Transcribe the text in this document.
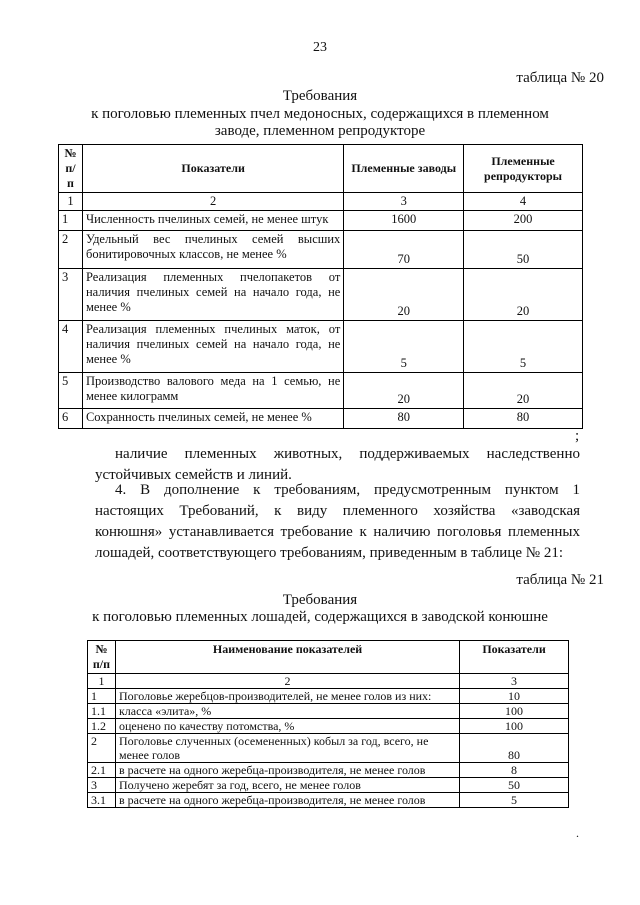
23
таблица № 20
Требования
к поголовью племенных пчел медоносных, содержащихся в племенном
заводе, племенном репродукторе
№ п/п	Показатели	Племенные заводы	Племенные репродукторы
1	2	3	4
1	Численность пчелиных семей, не менее штук	1600	200
2	Удельный вес пчелиных семей высших бонитировочных классов, не менее %	70	50
3	Реализация племенных пчелопакетов от наличия пчелиных семей на начало года, не менее %	20	20
4	Реализация племенных пчелиных маток, от наличия пчелиных семей на начало года, не менее %	5	5
5	Производство валового меда на 1 семью, не менее килограмм	20	20
6	Сохранность пчелиных семей, не менее %	80	80
;
наличие племенных животных, поддерживаемых наследственно устойчивых семейств и линий.
4. В дополнение к требованиям, предусмотренным пунктом 1 настоящих Требований, к виду племенного хозяйства «заводская конюшня» устанавливается требование к наличию поголовья племенных лошадей, соответствующего требованиям, приведенным в таблице № 21:
таблица № 21
Требования
к поголовью племенных лошадей, содержащихся в заводской конюшне
№ п/п	Наименование показателей	Показатели
1	2	3
1	Поголовье жеребцов-производителей, не менее голов из них:	10
1.1	класса «элита», %	100
1.2	оценено по качеству потомства, %	100
2	Поголовье слученных (осемененных) кобыл за год, всего, не менее голов	80
2.1	в расчете на одного жеребца-производителя, не менее голов	8
3	Получено жеребят за год, всего, не менее голов	50
3.1	в расчете на одного жеребца-производителя, не менее голов	5
.
